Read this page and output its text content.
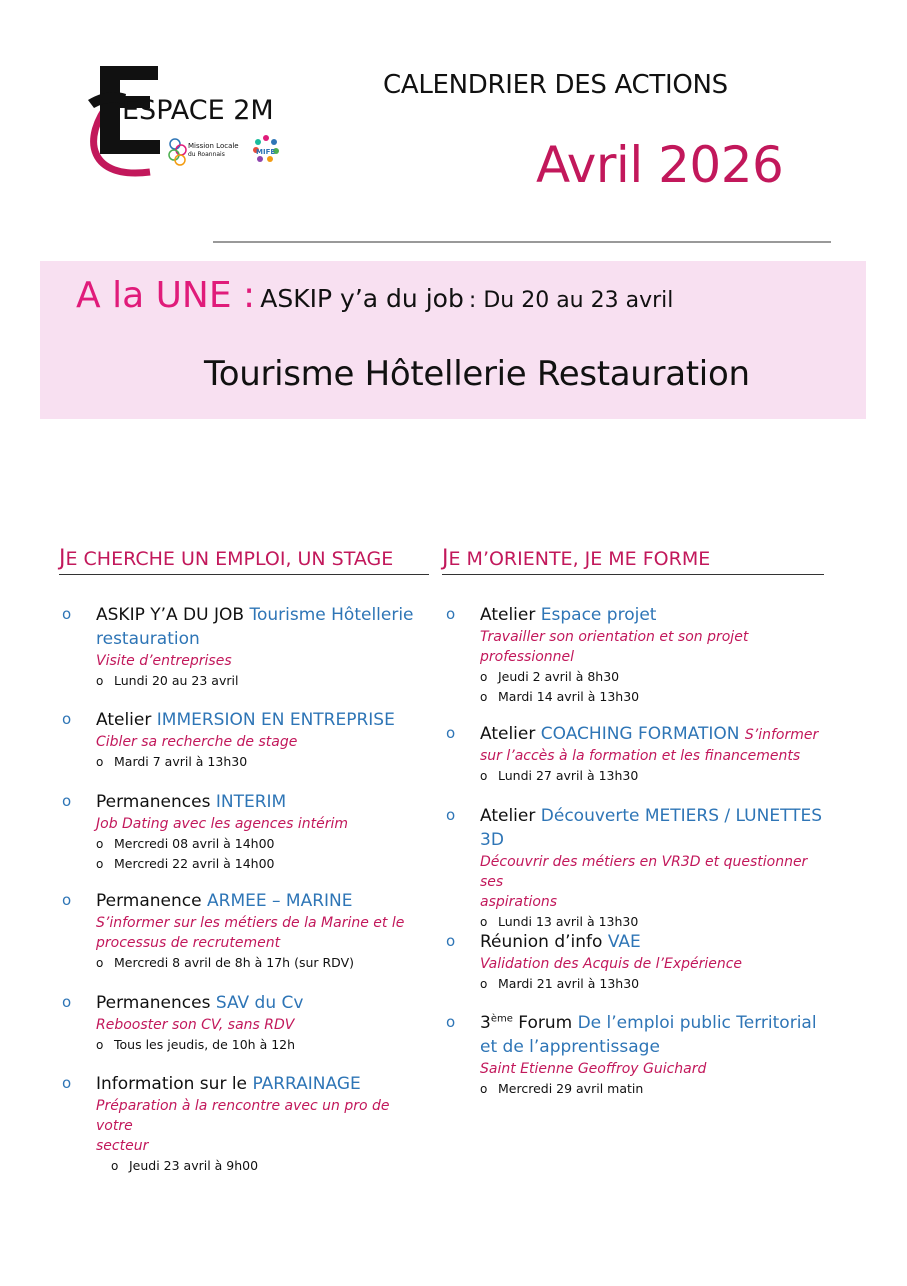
ESPACE 2M
Mission Locale
du Roannais	MIFE
CALENDRIER DES ACTIONS
Avril 2026
A la UNE : ASKIP y’a du job : Du 20 au 23 avril
Tourisme Hôtellerie Restauration
JE CHERCHE UN EMPLOI, UN STAGE	JE M’ORIENTE, JE ME FORME
o ASKIP Y’A DU JOB Tourisme Hôtellerie
restauration
Visite d’entreprises
o Lundi 20 au 23 avril
o Atelier IMMERSION EN ENTREPRISE
Cibler sa recherche de stage
o Mardi 7 avril à 13h30
o Permanences INTERIM
Job Dating avec les agences intérim
o Mercredi 08 avril à 14h00
o Mercredi 22 avril à 14h00
o Permanence ARMEE – MARINE
S’informer sur les métiers de la Marine et le
processus de recrutement
o Mercredi 8 avril de 8h à 17h (sur RDV)
o Permanences SAV du Cv
Rebooster son CV, sans RDV
o Tous les jeudis, de 10h à 12h
o Information sur le PARRAINAGE
Préparation à la rencontre avec un pro de votre
secteur
o Jeudi 23 avril à 9h00
o Atelier Espace projet
Travailler son orientation et son projet
professionnel
o Jeudi 2 avril à 8h30
o Mardi 14 avril à 13h30
o Atelier COACHING FORMATION S’informer
sur l’accès à la formation et les financements
o Lundi 27 avril à 13h30
o Atelier Découverte METIERS / LUNETTES
3D
Découvrir des métiers en VR3D et questionner ses
aspirations
o Lundi 13 avril à 13h30
o Réunion d’info VAE
Validation des Acquis de l’Expérience
o Mardi 21 avril à 13h30
o 3ème Forum De l’emploi public Territorial
et de l’apprentissage
Saint Etienne Geoffroy Guichard
o Mercredi 29 avril matin
